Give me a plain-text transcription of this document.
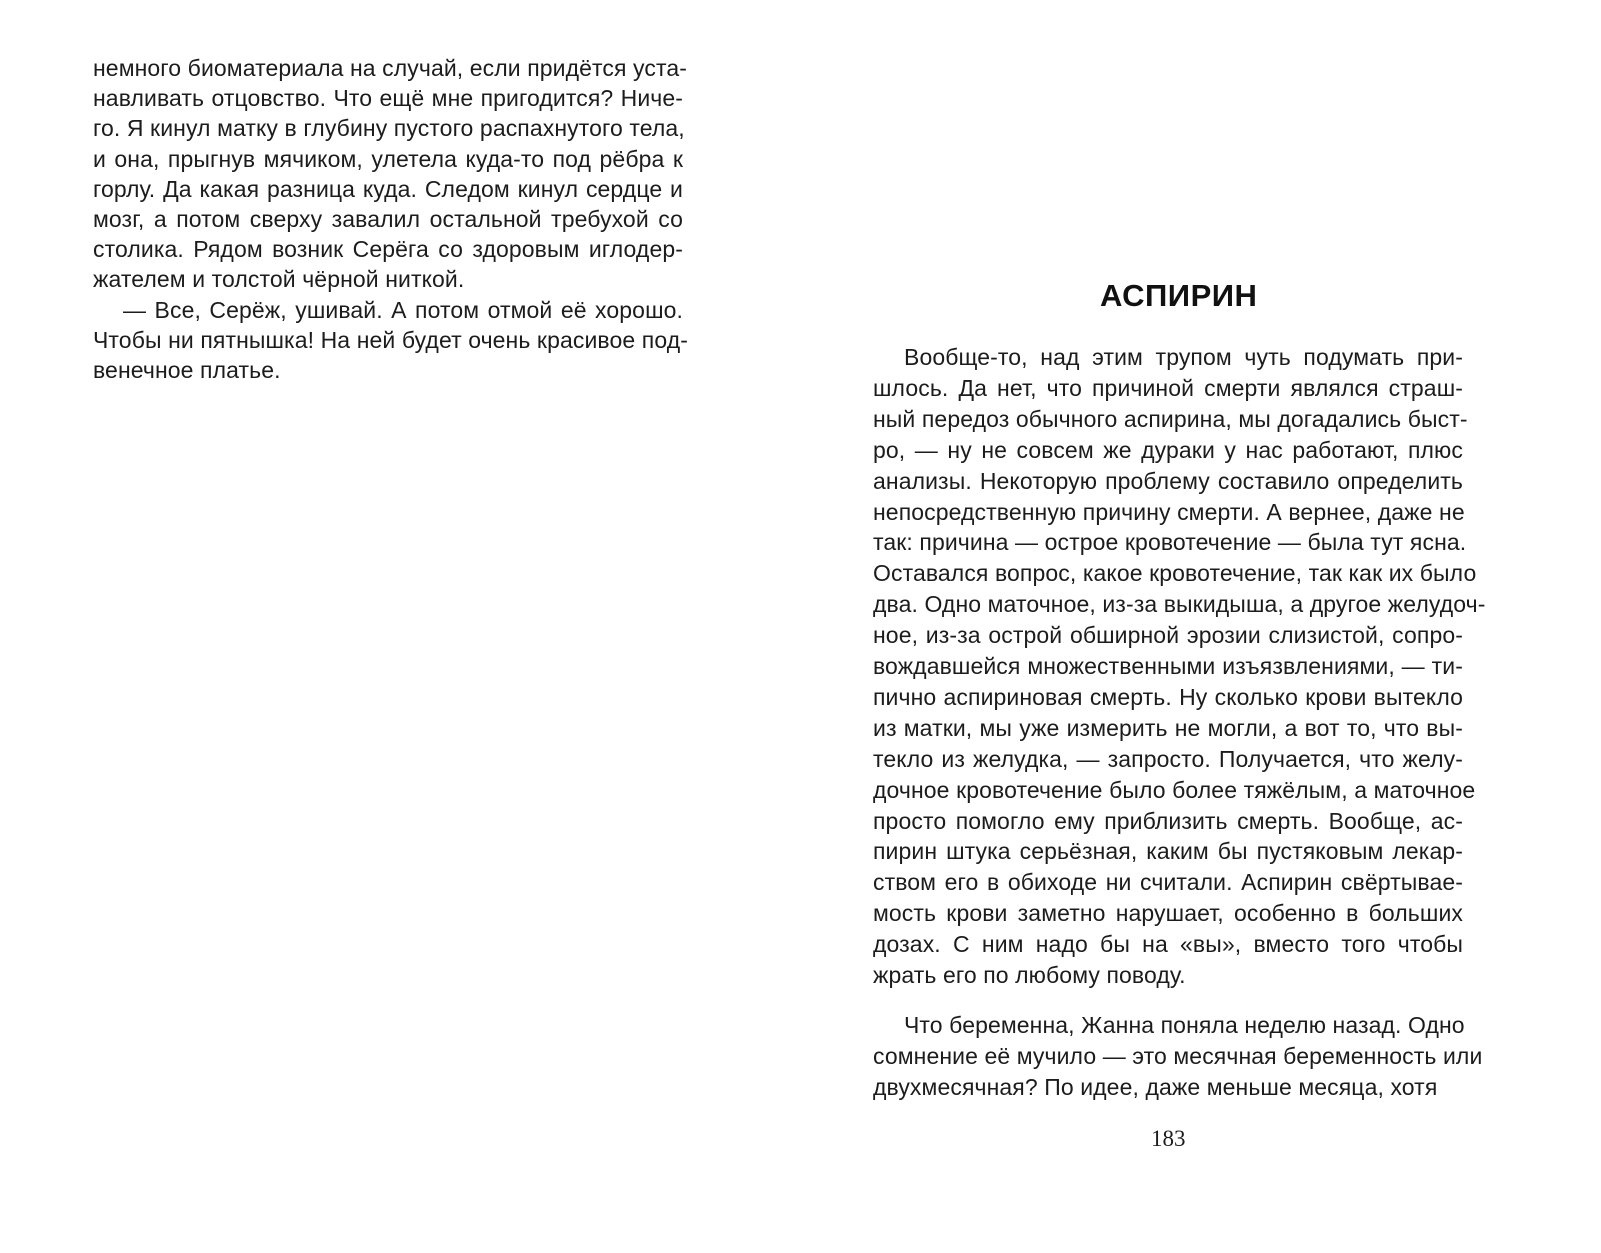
немного биоматериала на случай, если придётся уста-
навливать отцовство. Что ещё мне пригодится? Ниче-
го. Я кинул матку в глубину пустого распахнутого тела,
и она, прыгнув мячиком, улетела куда-то под рёбра к
горлу. Да какая разница куда. Следом кинул сердце и
мозг, а потом сверху завалил остальной требухой со
столика. Рядом возник Серёга со здоровым иглодер-
жателем и толстой чёрной ниткой.
— Все, Серёж, ушивай. А потом отмой её хорошо.
Чтобы ни пятнышка! На ней будет очень красивое под-
венечное платье.
АСПИРИН
Вообще-то, над этим трупом чуть подумать при-
шлось. Да нет, что причиной смерти являлся страш-
ный передоз обычного аспирина, мы догадались быст-
ро, — ну не совсем же дураки у нас работают, плюс
анализы. Некоторую проблему составило определить
непосредственную причину смерти. А вернее, даже не
так: причина — острое кровотечение — была тут ясна.
Оставался вопрос, какое кровотечение, так как их было
два. Одно маточное, из-за выкидыша, а другое желудоч-
ное, из-за острой обширной эрозии слизистой, сопро-
вождавшейся множественными изъязвлениями, — ти-
пично аспириновая смерть. Ну сколько крови вытекло
из матки, мы уже измерить не могли, а вот то, что вы-
текло из желудка, — запросто. Получается, что желу-
дочное кровотечение было более тяжёлым, а маточное
просто помогло ему приблизить смерть. Вообще, ас-
пирин штука серьёзная, каким бы пустяковым лекар-
ством его в обиходе ни считали. Аспирин свёртывае-
мость крови заметно нарушает, особенно в больших
дозах. С ним надо бы на «вы», вместо того чтобы
жрать его по любому поводу.
Что беременна, Жанна поняла неделю назад. Одно
сомнение её мучило — это месячная беременность или
двухмесячная? По идее, даже меньше месяца, хотя
183
